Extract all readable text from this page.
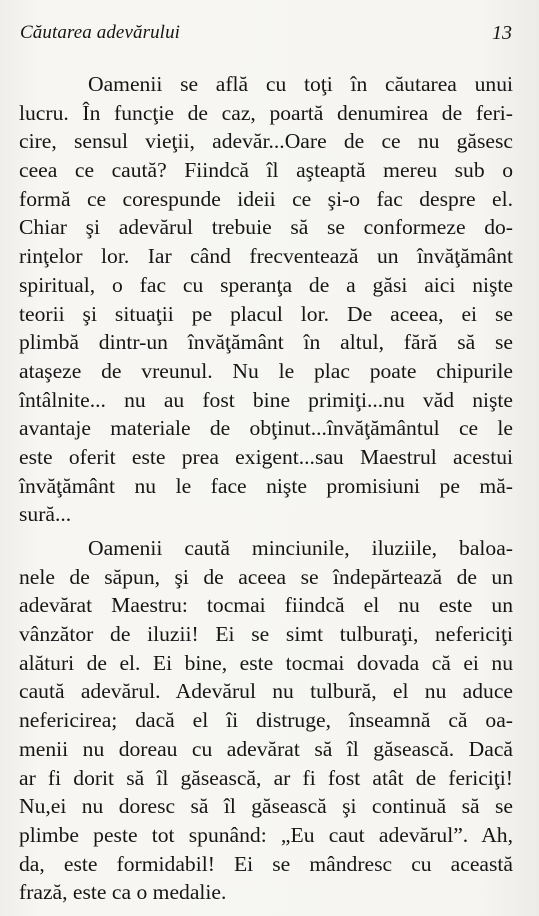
Căutarea adevărului	13
Oamenii se află cu toţi în căutarea unui
lucru. În funcţie de caz, poartă denumirea de feri-
cire, sensul vieţii, adevăr...Oare de ce nu găsesc
ceea ce caută? Fiindcă îl aşteaptă mereu sub o
formă ce corespunde ideii ce şi-o fac despre el.
Chiar şi adevărul trebuie să se conformeze do-
rinţelor lor. Iar când frecventează un învăţământ
spiritual, o fac cu speranţa de a găsi aici nişte
teorii şi situaţii pe placul lor. De aceea, ei se
plimbă dintr-un învăţământ în altul, fără să se
ataşeze de vreunul. Nu le plac poate chipurile
întâlnite... nu au fost bine primiţi...nu văd nişte
avantaje materiale de obţinut...învăţământul ce le
este oferit este prea exigent...sau Maestrul acestui
învăţământ nu le face nişte promisiuni pe mă-
sură...
Oamenii caută minciunile, iluziile, baloa-
nele de săpun, şi de aceea se îndepărtează de un
adevărat Maestru: tocmai fiindcă el nu este un
vânzător de iluzii! Ei se simt tulburaţi, nefericiţi
alături de el. Ei bine, este tocmai dovada că ei nu
caută adevărul. Adevărul nu tulbură, el nu aduce
nefericirea; dacă el îi distruge, înseamnă că oa-
menii nu doreau cu adevărat să îl găsească. Dacă
ar fi dorit să îl găsească, ar fi fost atât de fericiţi!
Nu,ei nu doresc să îl găsească şi continuă să se
plimbe peste tot spunând: „Eu caut adevărul”. Ah,
da, este formidabil! Ei se mândresc cu această
frază, este ca o medalie.
